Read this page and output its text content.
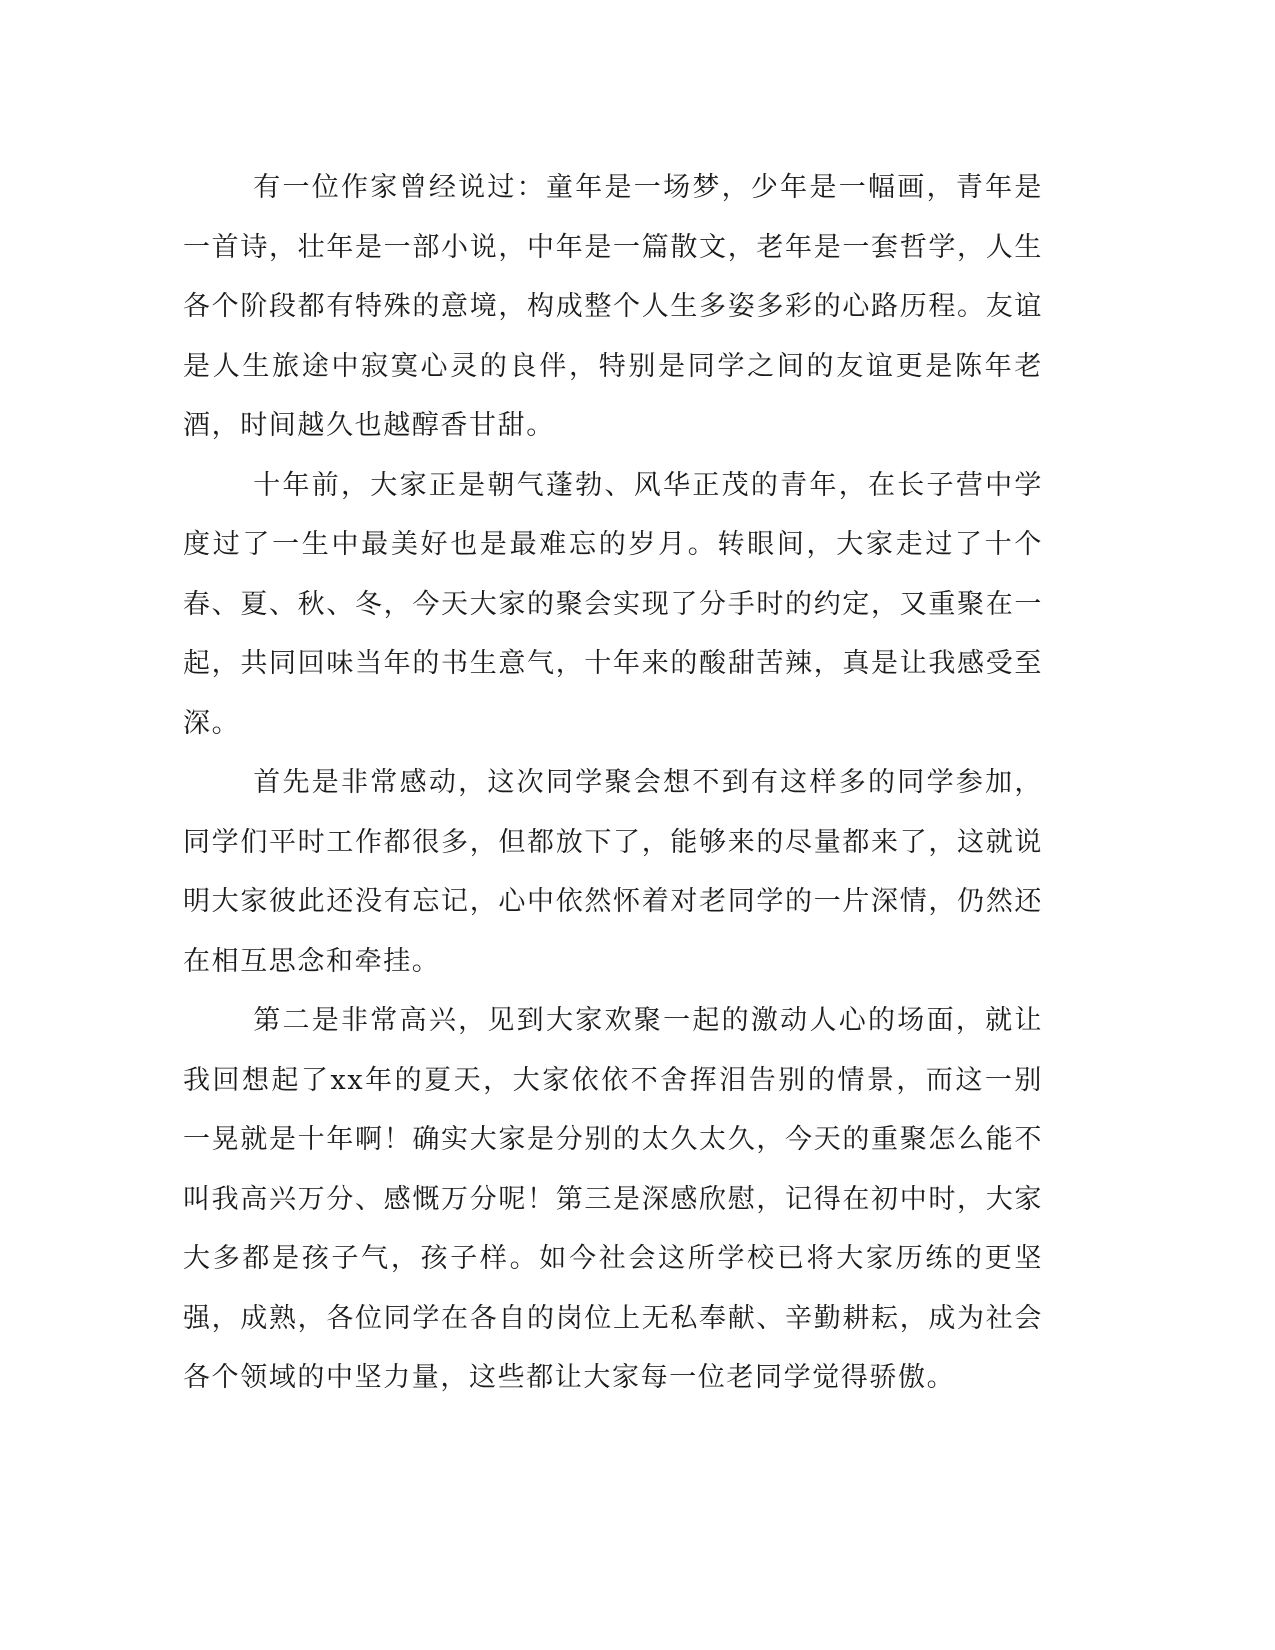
有一位作家曾经说过：童年是一场梦，少年是一幅画，青年是一首诗，壮年是一部小说，中年是一篇散文，老年是一套哲学，人生各个阶段都有特殊的意境，构成整个人生多姿多彩的心路历程。友谊是人生旅途中寂寞心灵的良伴，特别是同学之间的友谊更是陈年老酒，时间越久也越醇香甘甜。

十年前，大家正是朝气蓬勃、风华正茂的青年，在长子营中学度过了一生中最美好也是最难忘的岁月。转眼间，大家走过了十个春、夏、秋、冬，今天大家的聚会实现了分手时的约定，又重聚在一起，共同回味当年的书生意气，十年来的酸甜苦辣，真是让我感受至深。

首先是非常感动，这次同学聚会想不到有这样多的同学参加，同学们平时工作都很多，但都放下了，能够来的尽量都来了，这就说明大家彼此还没有忘记，心中依然怀着对老同学的一片深情，仍然还在相互思念和牵挂。

第二是非常高兴，见到大家欢聚一起的激动人心的场面，就让我回想起了xx年的夏天，大家依依不舍挥泪告别的情景，而这一别一晃就是十年啊！确实大家是分别的太久太久，今天的重聚怎么能不叫我高兴万分、感慨万分呢！第三是深感欣慰，记得在初中时，大家大多都是孩子气，孩子样。如今社会这所学校已将大家历练的更坚强，成熟，各位同学在各自的岗位上无私奉献、辛勤耕耘，成为社会各个领域的中坚力量，这些都让大家每一位老同学觉得骄傲。
